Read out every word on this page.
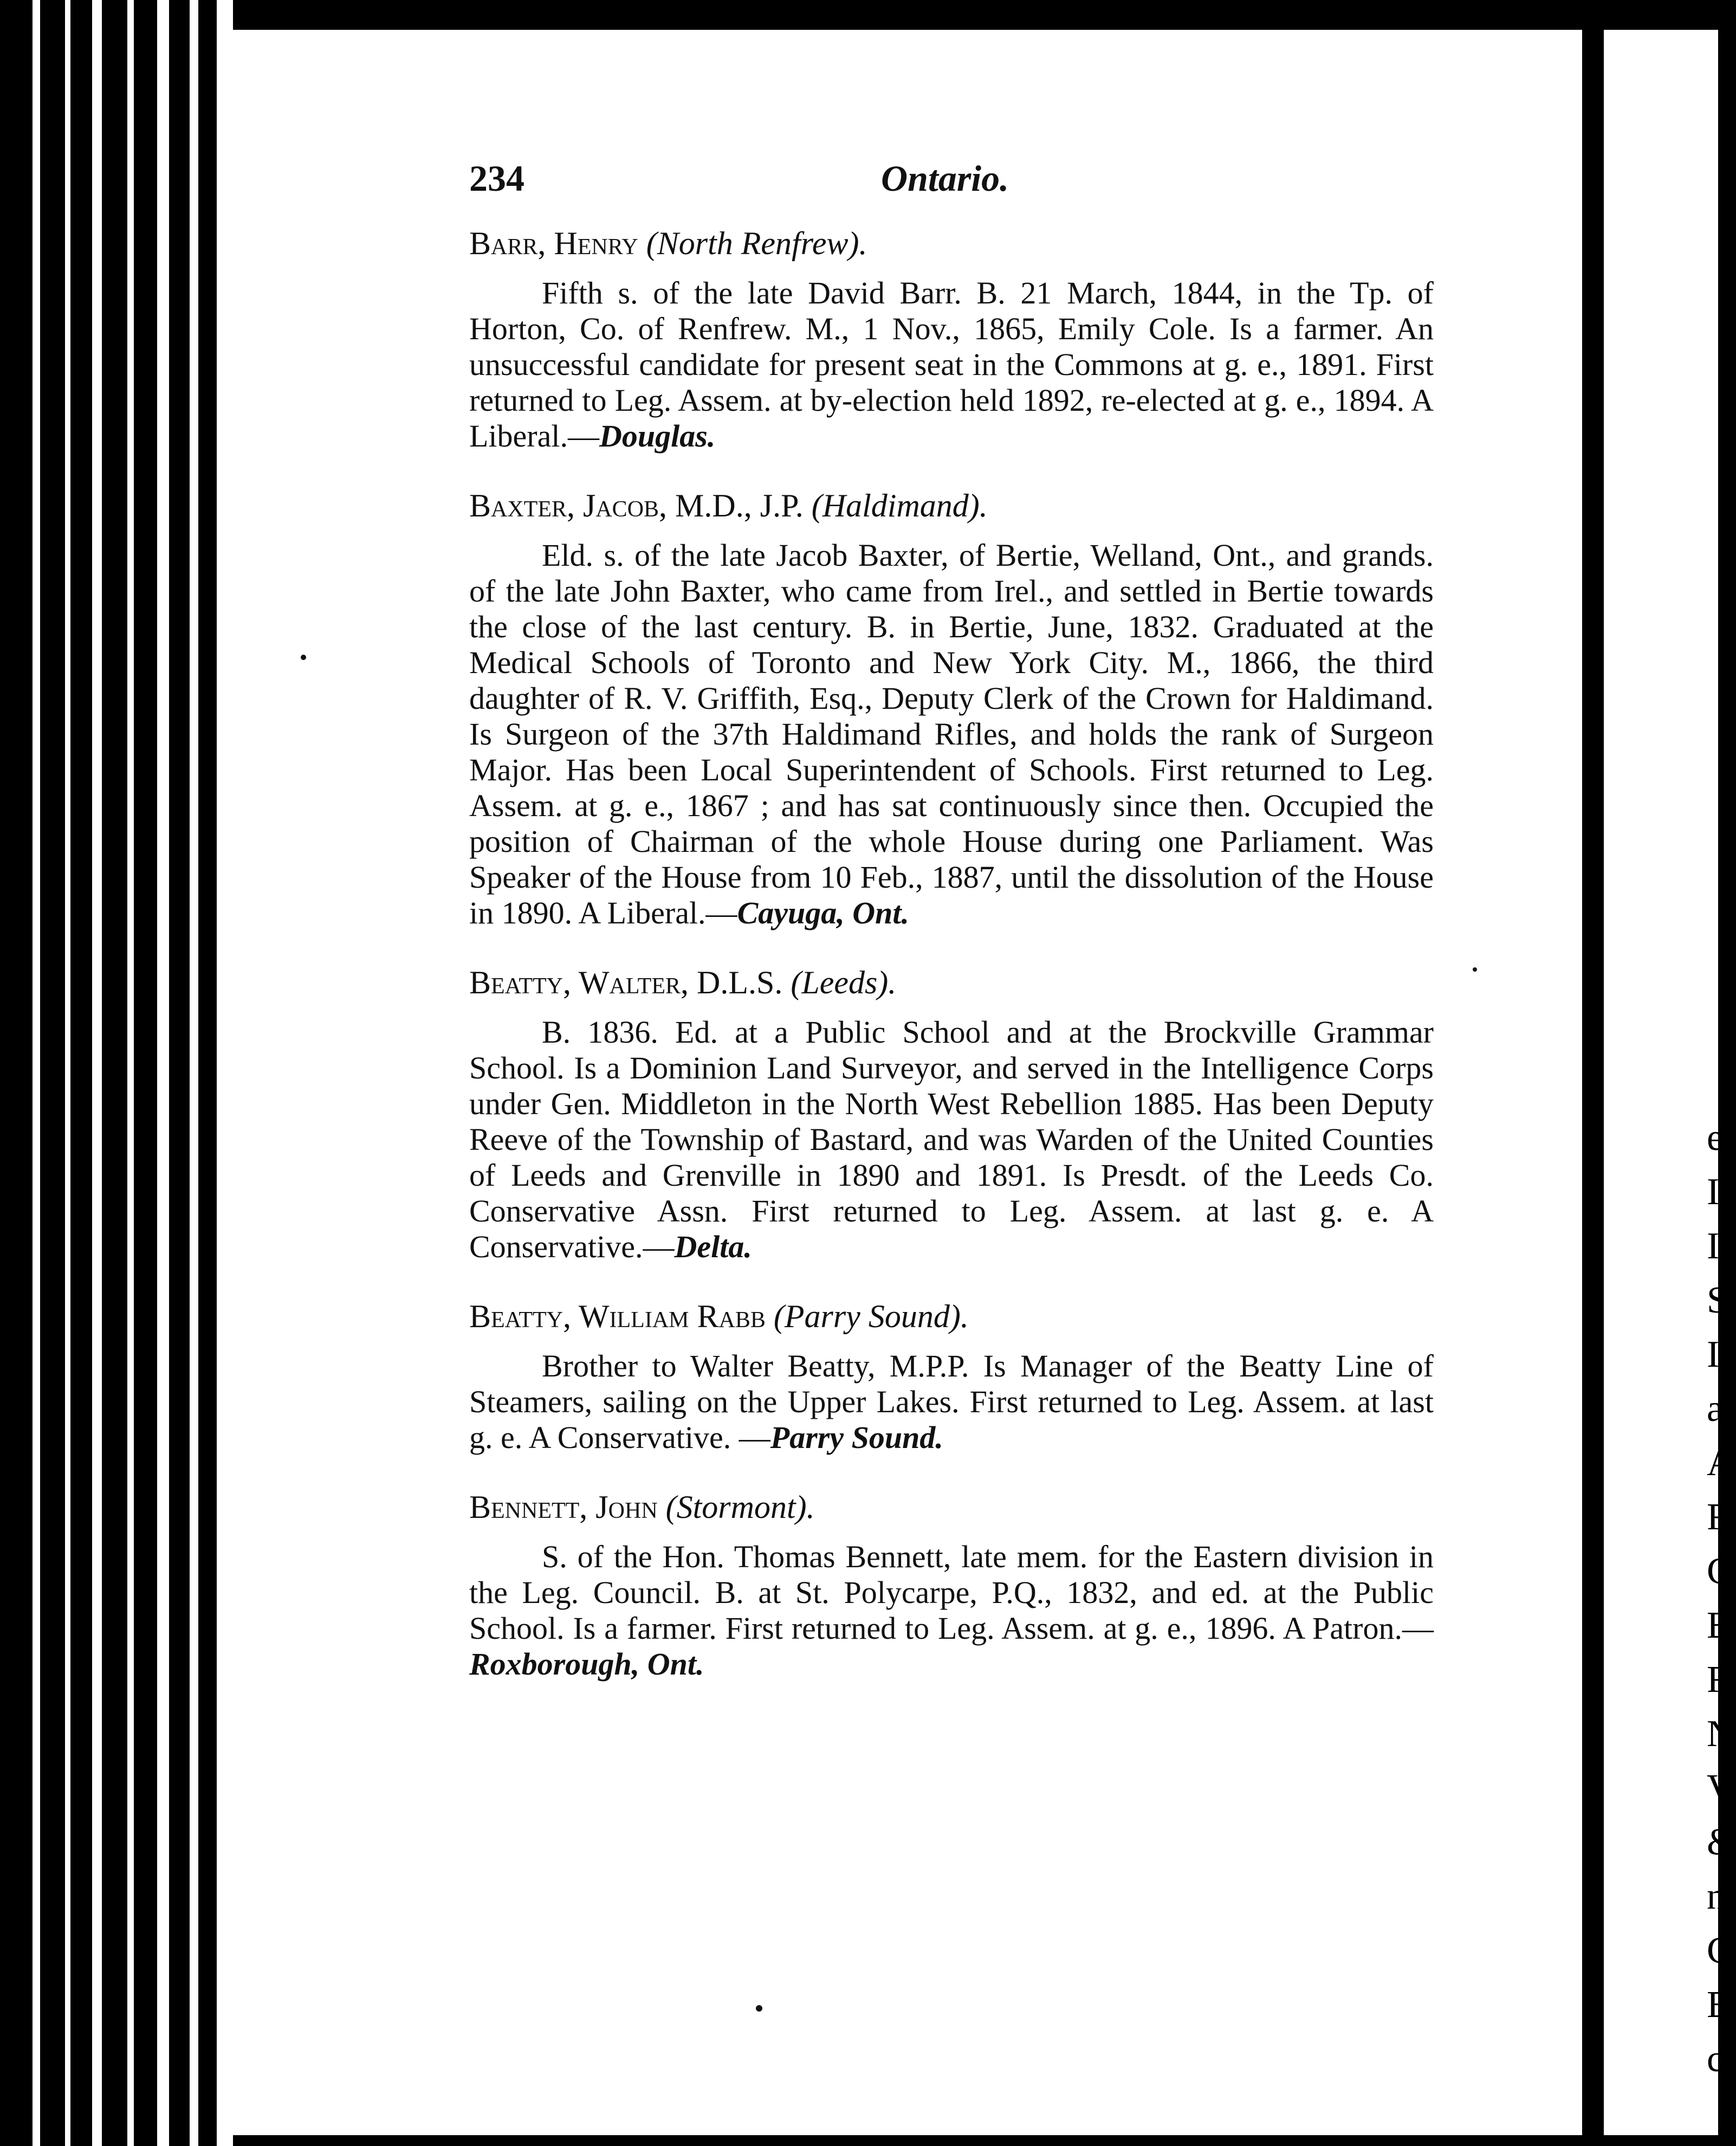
e
I
I
S
I
a
A
F
C
E
F
N
V
&
n
C
E
c
234	Ontario.
Barr, Henry (North Renfrew).
Fifth s. of the late David Barr. B. 21 March, 1844, in the Tp. of Horton, Co. of Renfrew. M., 1 Nov., 1865, Emily Cole. Is a farmer. An unsuccessful candidate for present seat in the Commons at g. e., 1891. First returned to Leg. Assem. at by-election held 1892, re-elected at g. e., 1894. A Liberal.—Douglas.
Baxter, Jacob, M.D., J.P. (Haldimand).
Eld. s. of the late Jacob Baxter, of Bertie, Welland, Ont., and grands. of the late John Baxter, who came from Irel., and settled in Bertie towards the close of the last century. B. in Bertie, June, 1832. Graduated at the Medical Schools of Toronto and New York City. M., 1866, the third daughter of R. V. Griffith, Esq., Deputy Clerk of the Crown for Haldimand. Is Surgeon of the 37th Haldimand Rifles, and holds the rank of Surgeon Major. Has been Local Superintendent of Schools. First returned to Leg. Assem. at g. e., 1867 ; and has sat continuously since then. Occupied the position of Chairman of the whole House during one Parliament. Was Speaker of the House from 10 Feb., 1887, until the dissolution of the House in 1890. A Liberal.—Cayuga, Ont.
Beatty, Walter, D.L.S. (Leeds).
B. 1836. Ed. at a Public School and at the Brockville Grammar School. Is a Dominion Land Surveyor, and served in the Intelligence Corps under Gen. Middleton in the North West Rebellion 1885. Has been Deputy Reeve of the Township of Bastard, and was Warden of the United Counties of Leeds and Grenville in 1890 and 1891. Is Presdt. of the Leeds Co. Conservative Assn. First returned to Leg. Assem. at last g. e. A Conservative.—Delta.
Beatty, William Rabb (Parry Sound).
Brother to Walter Beatty, M.P.P. Is Manager of the Beatty Line of Steamers, sailing on the Upper Lakes. First returned to Leg. Assem. at last g. e. A Conservative. —Parry Sound.
Bennett, John (Stormont).
S. of the Hon. Thomas Bennett, late mem. for the Eastern division in the Leg. Council. B. at St. Polycarpe, P.Q., 1832, and ed. at the Public School. Is a farmer. First returned to Leg. Assem. at g. e., 1896. A Patron.—Roxborough, Ont.
